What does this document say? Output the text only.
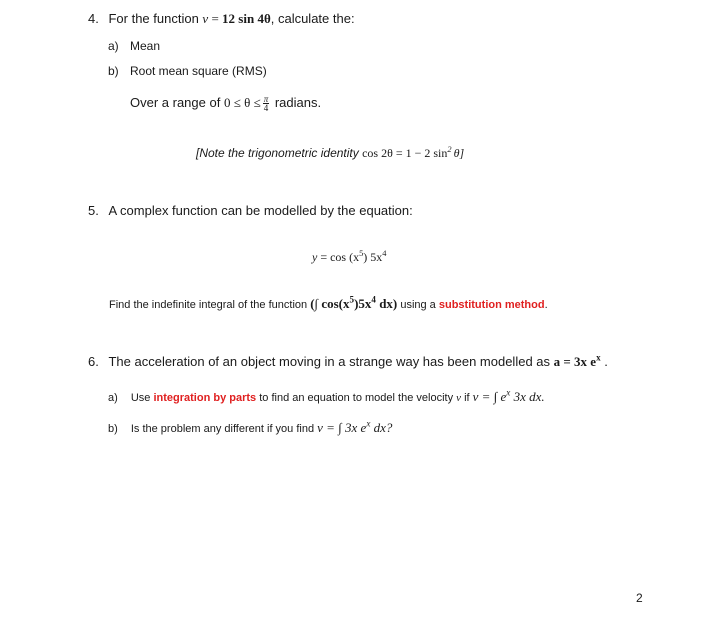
4. For the function v = 12 sin 4θ, calculate the:
a) Mean
b) Root mean square (RMS)
Over a range of $0 \le \theta \le \frac{\pi}{4}$ radians.
[Note the trigonometric identity cos 2θ = 1 − 2 $\sin^2 \theta$]
5. A complex function can be modelled by the equation:
$y = \cos (x^5)$ $5x^4$
Find the indefinite integral of the function (∫ $\cos(x^5)5x^4$ dx) using a substitution method.
6. The acceleration of an object moving in a strange way has been modelled as a = 3x $e^x$ .
a) Use integration by parts to find an equation to model the velocity v if v = ∫ $e^x$ 3x dx.
b) Is the problem any different if you find v = ∫ 3x $e^x$ dx?
2
